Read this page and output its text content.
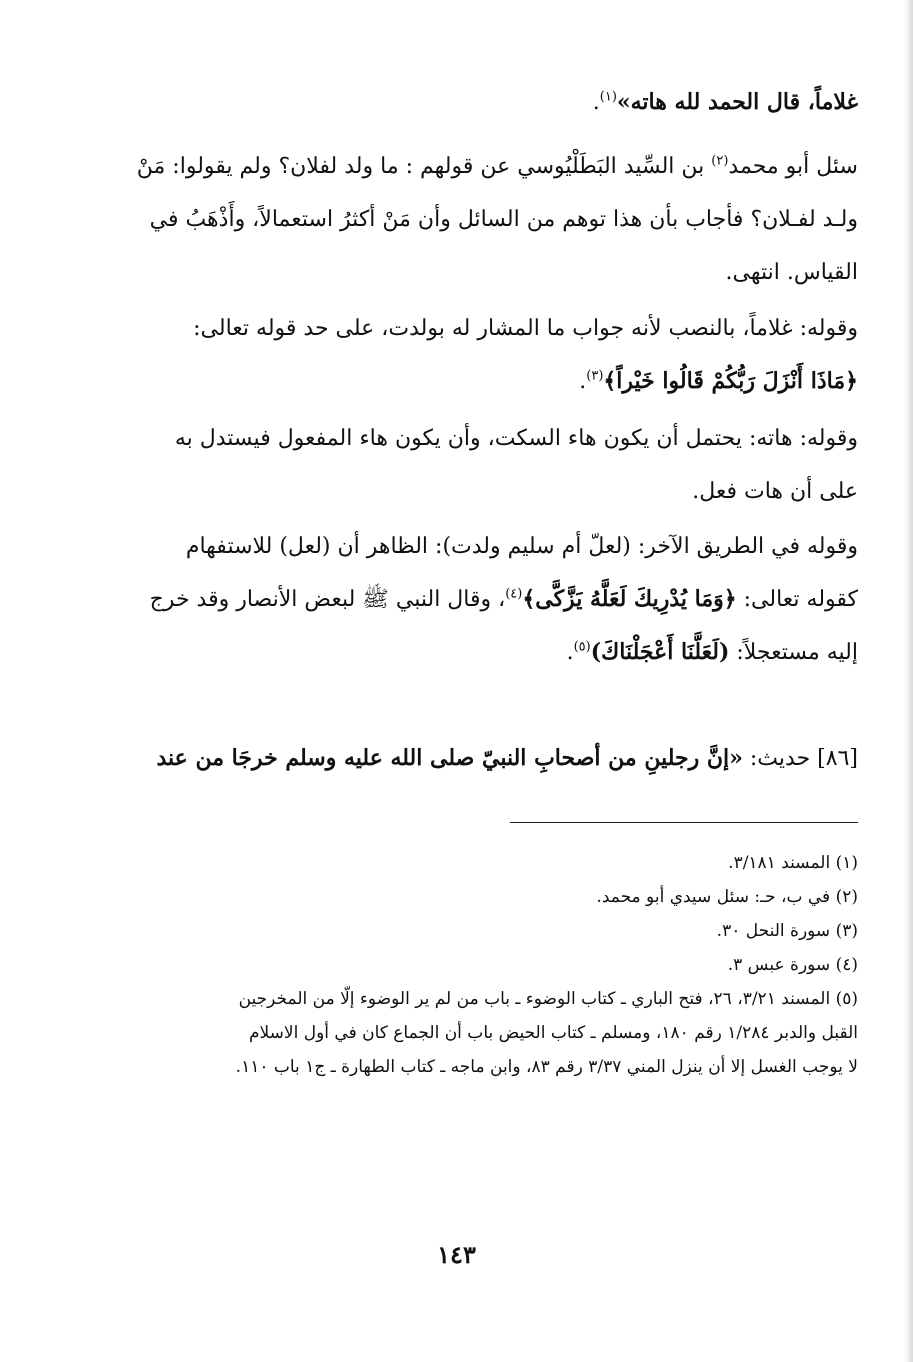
غلاماً، قال الحمد لله هاته»$^{(١)}$.
سئل أبو محمد$^{(٢)}$ بن السِّيد البَطَلْيُوسي عن قولهم : ما ولد لفلان؟ ولم يقولوا: مَنْ
ولـد لفـلان؟ فأجاب بأن هذا توهم من السائل وأن مَنْ أكثرُ استعمالاً، وأَذْهَبُ في
القياس. انتهى.
وقوله: غلاماً، بالنصب لأنه جواب ما المشار له بولدت، على حد قوله تعالى:
﴿مَاذَا أَنْزَلَ رَبُّكُمْ قَالُوا خَيْراً﴾$^{(٣)}$.
وقوله: هاته: يحتمل أن يكون هاء السكت، وأن يكون هاء المفعول فيستدل به
على أن هات فعل.
وقوله في الطريق الآخر: (لعلّ أم سليم ولدت): الظاهر أن (لعل) للاستفهام
كقوله تعالى: ﴿وَمَا يُدْرِيكَ لَعَلَّهُ يَزَّكَّى﴾$^{(٤)}$، وقال النبي ﷺ لبعض الأنصار وقد خرج
إليه مستعجلاً: (لَعَلَّنَا أَعْجَلْنَاكَ)$^{(٥)}$.
[٨٦] حديث: «إنَّ رجلينِ من أصحابِ النبيّ صلى الله عليه وسلم خرجَا من عند

(١) المسند ٣/١٨١.

(٢) في ب، حـ: سئل سيدي أبو محمد.

(٣) سورة النحل ٣٠.

(٤) سورة عبس ٣.

(٥) المسند ٣/٢١، ٢٦، فتح الباري ـ كتاب الوضوء ـ باب من لم ير الوضوء إلّا من المخرجين

القبل والدبر ١/٢٨٤ رقم ١٨٠، ومسلم ـ كتاب الحيض باب أن الجماع كان في أول الاسلام

لا يوجب الغسل إلا أن ينزل المني ٣/٣٧ رقم ٨٣، وابن ماجه ـ كتاب الطهارة ـ ج١ باب ١١٠.

١٤٣
